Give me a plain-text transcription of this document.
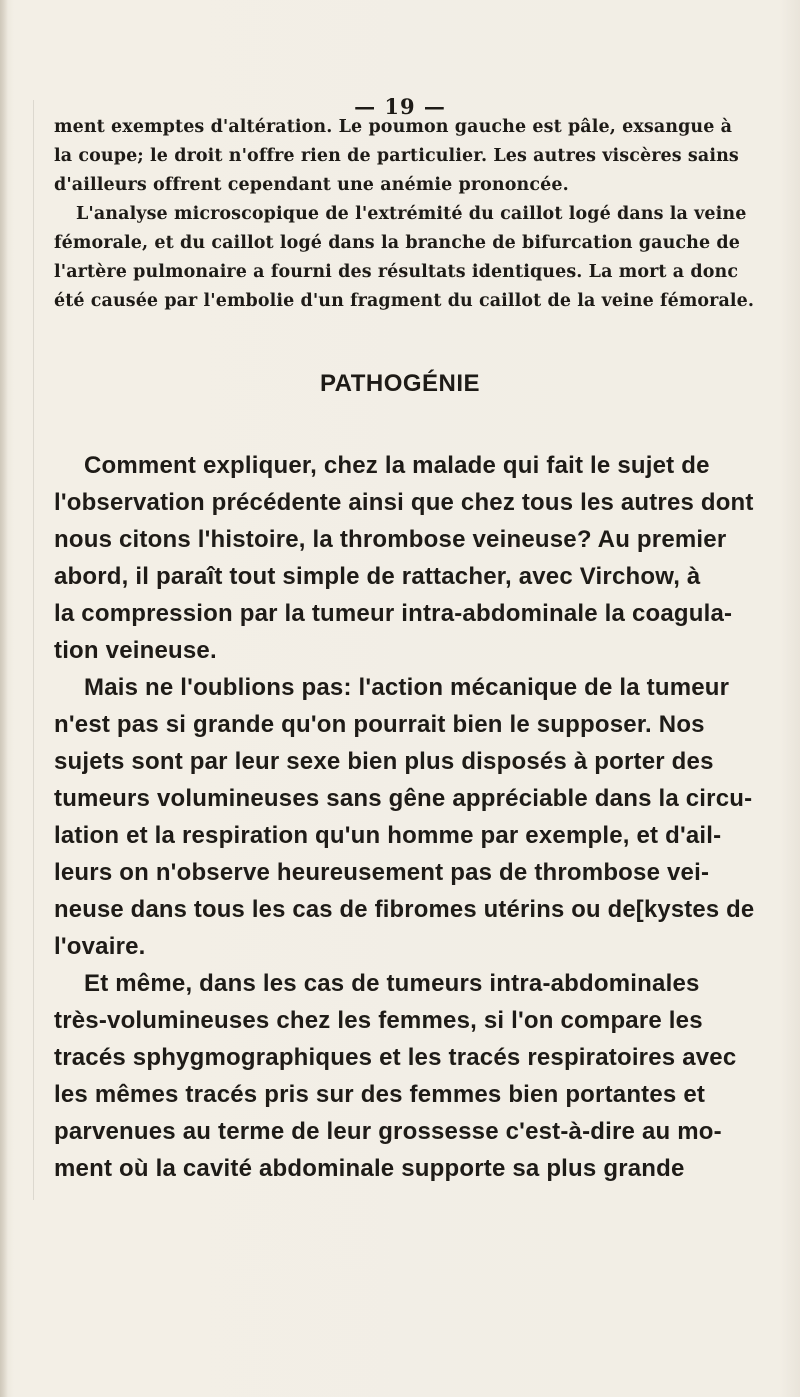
— 19 —
ment exemptes d'altération. Le poumon gauche est pâle, exsangue à
la coupe; le droit n'offre rien de particulier. Les autres viscères sains
d'ailleurs offrent cependant une anémie prononcée.
L'analyse microscopique de l'extrémité du caillot logé dans la veine
fémorale, et du caillot logé dans la branche de bifurcation gauche de
l'artère pulmonaire a fourni des résultats identiques. La mort a donc
été causée par l'embolie d'un fragment du caillot de la veine fémorale.
PATHOGÉNIE
Comment expliquer, chez la malade qui fait le sujet de
l'observation précédente ainsi que chez tous les autres dont
nous citons l'histoire, la thrombose veineuse? Au premier
abord, il paraît tout simple de rattacher, avec Virchow, à
la compression par la tumeur intra-abdominale la coagula-
tion veineuse.
Mais ne l'oublions pas: l'action mécanique de la tumeur
n'est pas si grande qu'on pourrait bien le supposer. Nos
sujets sont par leur sexe bien plus disposés à porter des
tumeurs volumineuses sans gêne appréciable dans la circu-
lation et la respiration qu'un homme par exemple, et d'ail-
leurs on n'observe heureusement pas de thrombose vei-
neuse dans tous les cas de fibromes utérins ou de[kystes de
l'ovaire.
Et même, dans les cas de tumeurs intra-abdominales
très-volumineuses chez les femmes, si l'on compare les
tracés sphygmographiques et les tracés respiratoires avec
les mêmes tracés pris sur des femmes bien portantes et
parvenues au terme de leur grossesse c'est-à-dire au mo-
ment où la cavité abdominale supporte sa plus grande
